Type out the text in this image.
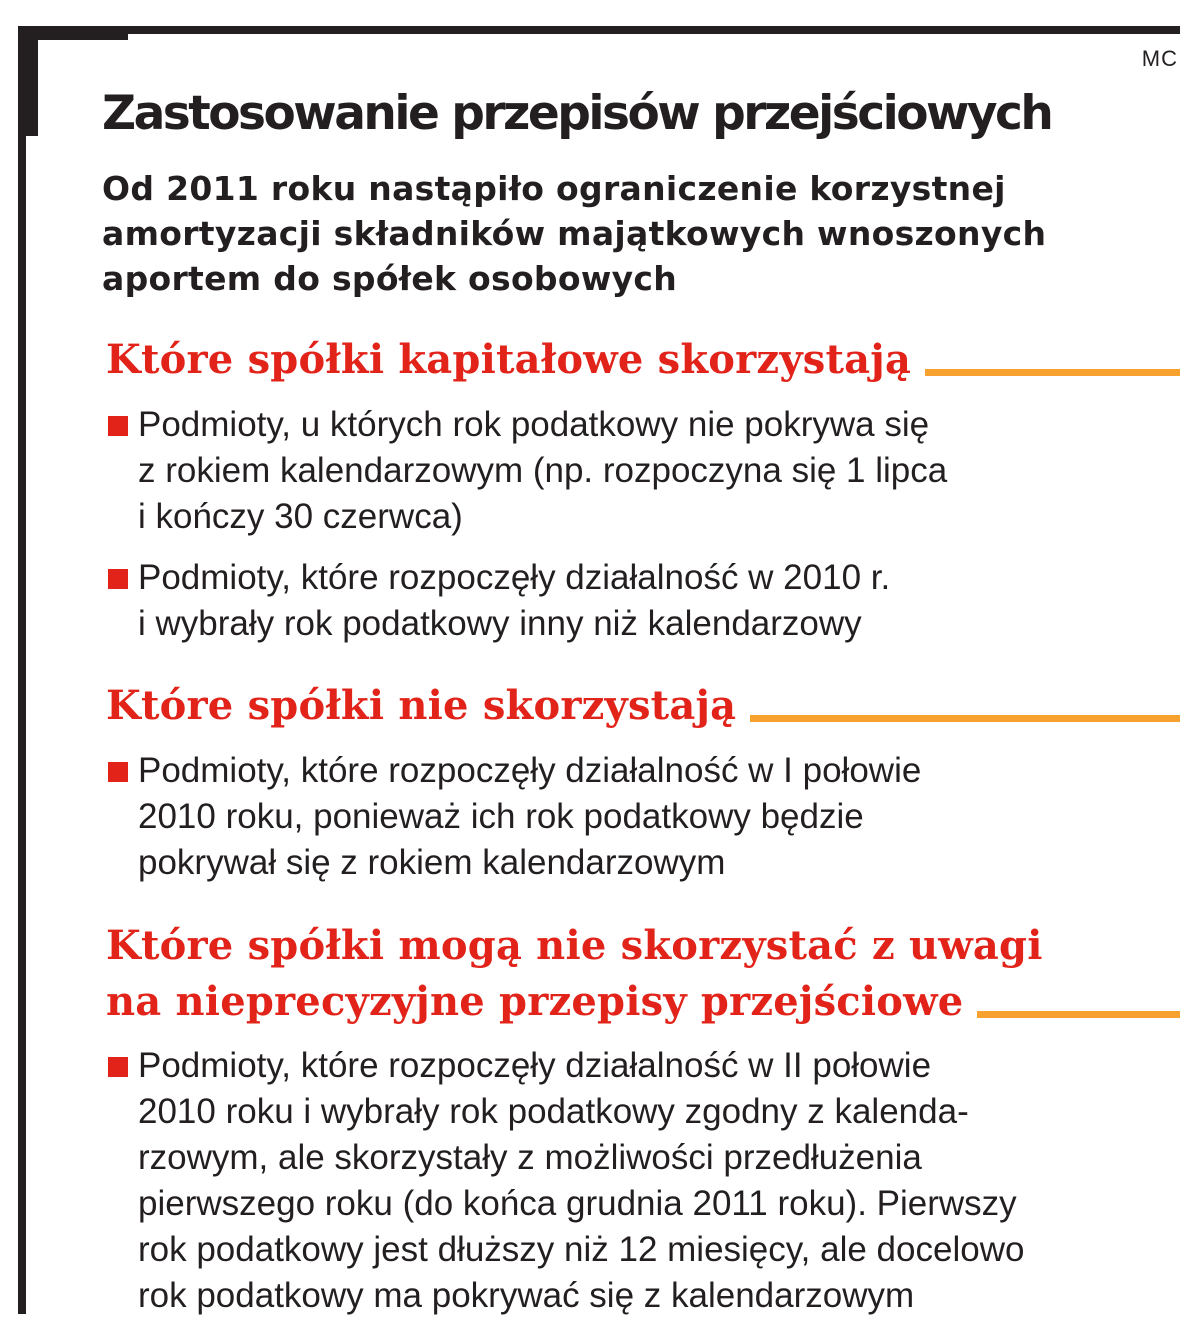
MC
Zastosowanie przepisów przejściowych
Od 2011 roku nastąpiło ograniczenie korzystnej
amortyzacji składników majątkowych wnoszonych
aportem do spółek osobowych
Które spółki kapitałowe skorzystają
Podmioty, u których rok podatkowy nie pokrywa się
z rokiem kalendarzowym (np. rozpoczyna się 1 lipca
i kończy 30 czerwca)
Podmioty, które rozpoczęły działalność w 2010 r.
i wybrały rok podatkowy inny niż kalendarzowy
Które spółki nie skorzystają
Podmioty, które rozpoczęły działalność w I połowie
2010 roku, ponieważ ich rok podatkowy będzie
pokrywał się z rokiem kalendarzowym
Które spółki mogą nie skorzystać z uwagi
na nieprecyzyjne przepisy przejściowe
Podmioty, które rozpoczęły działalność w II połowie
2010 roku i wybrały rok podatkowy zgodny z kalenda-
rzowym, ale skorzystały z możliwości przedłużenia
pierwszego roku (do końca grudnia 2011 roku). Pierwszy
rok podatkowy jest dłuższy niż 12 miesięcy, ale docelowo
rok podatkowy ma pokrywać się z kalendarzowym
